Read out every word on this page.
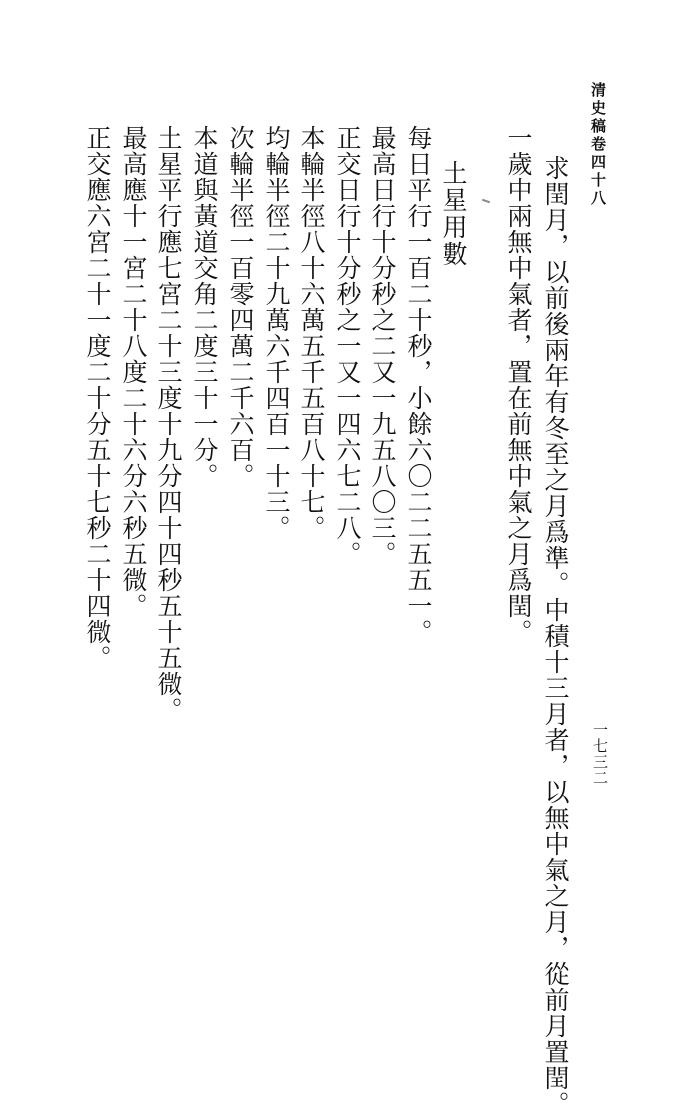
清史稿卷四十八
一七三二
求閏月，以前後兩年有冬至之月爲準。中積十三月者，以無中氣之月，從前月置閏。
一歲中兩無中氣者，置在前無中氣之月爲閏。
土星用數
每日平行一百二十秒，小餘六〇二二五五一。
最高日行十分秒之二又一九五八〇三。
正交日行十分秒之一又一四六七二八。
本輪半徑八十六萬五千五百八十七。
均輪半徑二十九萬六千四百一十三。
次輪半徑一百零四萬二千六百。
本道與黃道交角二度三十一分。
土星平行應七宮二十三度十九分四十四秒五十五微。
最高應十一宮二十八度二十六分六秒五微。
正交應六宮二十一度二十分五十七秒二十四微。
